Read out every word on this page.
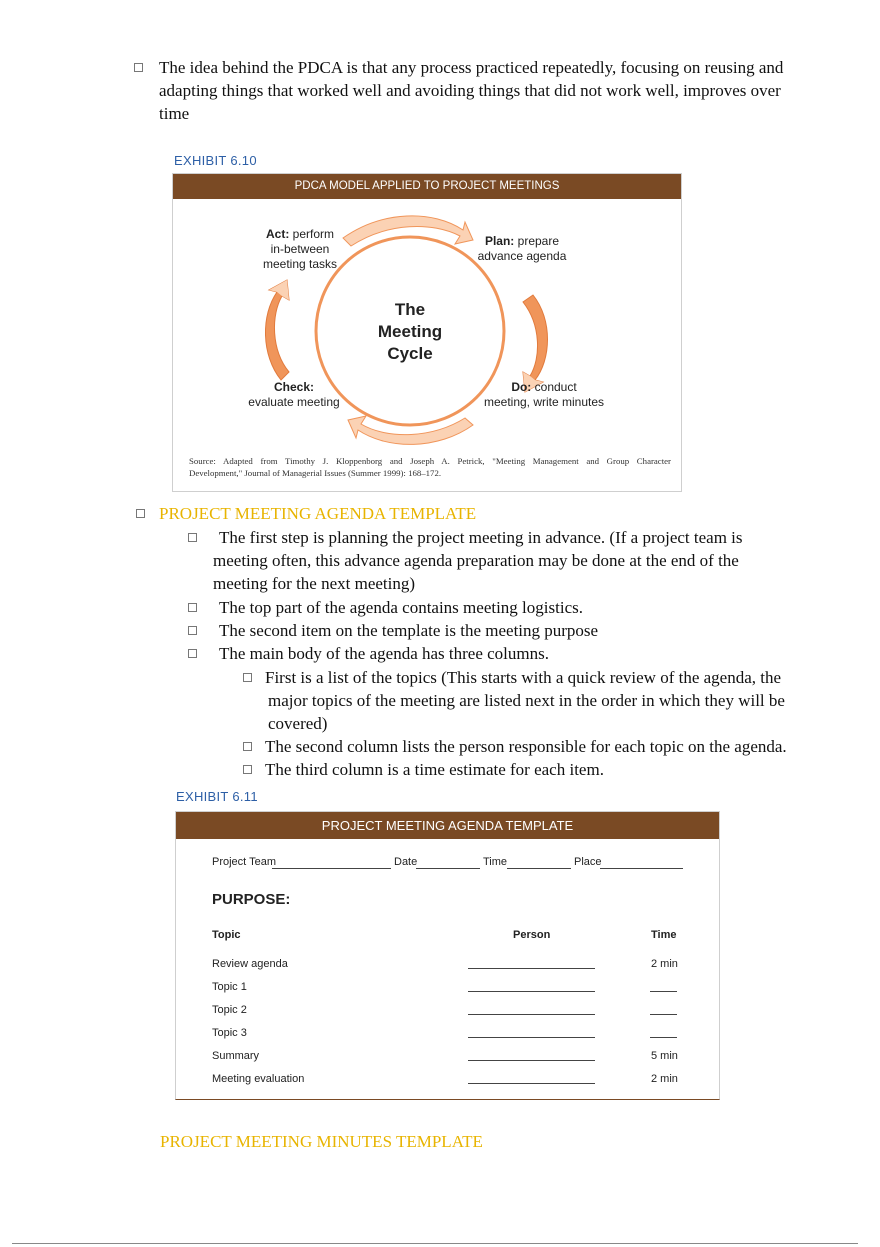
The idea behind the PDCA is that any process practiced repeatedly, focusing on reusing and
adapting things that worked well and avoiding things that did not work well, improves over
time
EXHIBIT 6.10
PDCA MODEL APPLIED TO PROJECT MEETINGS
The
Meeting
Cycle
Act: perform
in-between
meeting tasks
Plan: prepare
advance agenda
Check:
evaluate meeting
Do: conduct
meeting, write minutes
Source: Adapted from Timothy J. Kloppenborg and Joseph A. Petrick, "Meeting Management and Group Character
Development," Journal of Managerial Issues (Summer 1999): 168–172.
PROJECT MEETING AGENDA TEMPLATE
The first step is planning the project meeting in advance. (If a project team is
meeting often, this advance agenda preparation may be done at the end of the
meeting for the next meeting)
The top part of the agenda contains meeting logistics.
The second item on the template is the meeting purpose
The main body of the agenda has three columns.
First is a list of the topics (This starts with a quick review of the agenda, the
major topics of the meeting are listed next in the order in which they will be
covered)
The second column lists the person responsible for each topic on the agenda.
The third column is a time estimate for each item.
EXHIBIT 6.11
PROJECT MEETING AGENDA TEMPLATE
Project Team	Date	Time	Place
PURPOSE:
Topic	Person	Time
Review agenda	2 min
Topic 1
Topic 2
Topic 3
Summary	5 min
Meeting evaluation	2 min
PROJECT MEETING MINUTES TEMPLATE
